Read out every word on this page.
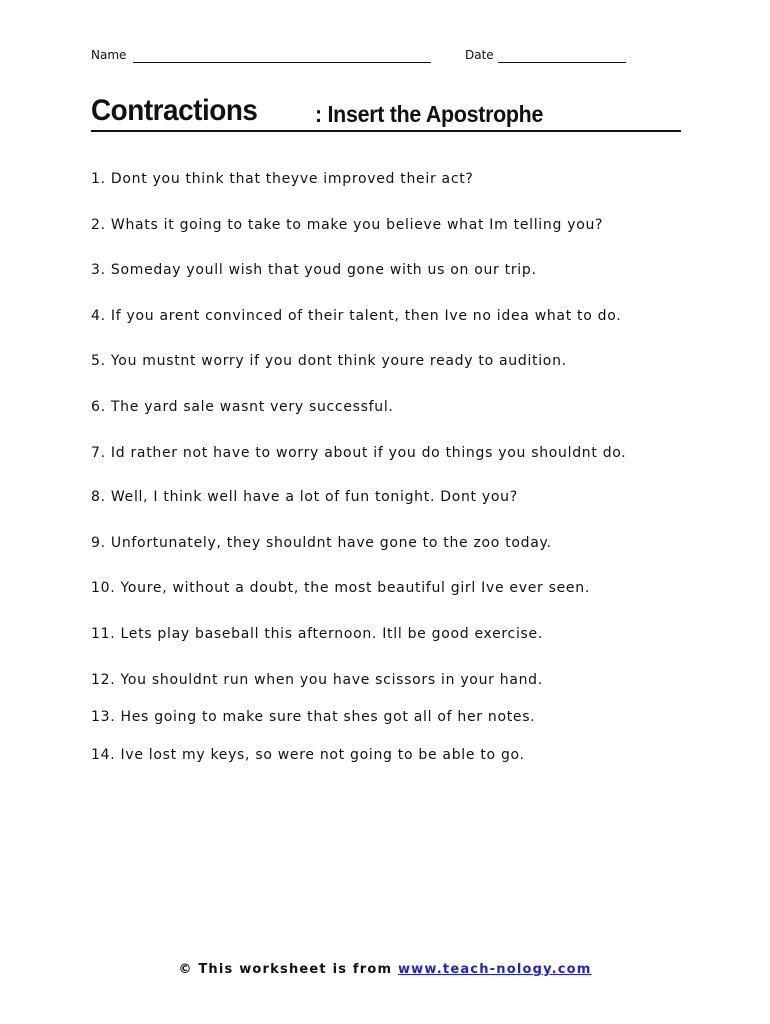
Name	Date
Contractions	: Insert the Apostrophe
1. Dont you think that theyve improved their act?
2. Whats it going to take to make you believe what Im telling you?
3. Someday youll wish that youd gone with us on our trip.
4. If you arent convinced of their talent, then Ive no idea what to do.
5. You mustnt worry if you dont think youre ready to audition.
6. The yard sale wasnt very successful.
7. Id rather not have to worry about if you do things you shouldnt do.
8. Well, I think well have a lot of fun tonight. Dont you?
9. Unfortunately, they shouldnt have gone to the zoo today.
10. Youre, without a doubt, the most beautiful girl Ive ever seen.
11. Lets play baseball this afternoon. Itll be good exercise.
12. You shouldnt run when you have scissors in your hand.
13. Hes going to make sure that shes got all of her notes.
14. Ive lost my keys, so were not going to be able to go.
© This worksheet is from www.teach-nology.com
